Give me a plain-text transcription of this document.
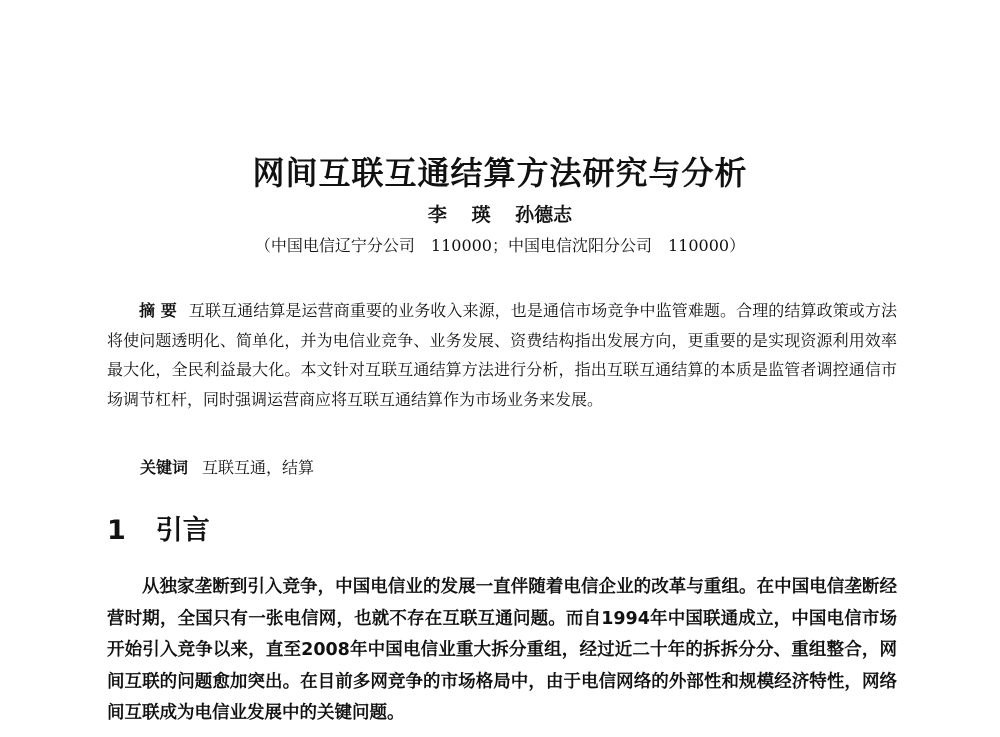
网间互联互通结算方法研究与分析
李 瑛 孙德志
（中国电信辽宁分公司　110000；中国电信沈阳分公司　110000）

摘 要 互联互通结算是运营商重要的业务收入来源，也是通信市场竞争中监管难题。合理的结算政策或方法将使问题透明化、简单化，并为电信业竞争、业务发展、资费结构指出发展方向，更重要的是实现资源利用效率最大化，全民利益最大化。本文针对互联互通结算方法进行分析，指出互联互通结算的本质是监管者调控通信市场调节杠杆，同时强调运营商应将互联互通结算作为市场业务来发展。

关键词 互联互通，结算
1 引言

从独家垄断到引入竞争，中国电信业的发展一直伴随着电信企业的改革与重组。在中国电信垄断经营时期，全国只有一张电信网，也就不存在互联互通问题。而自1994年中国联通成立，中国电信市场开始引入竞争以来，直至2008年中国电信业重大拆分重组，经过近二十年的拆拆分分、重组整合，网间互联的问题愈加突出。在目前多网竞争的市场格局中，由于电信网络的外部性和规模经济特性，网络间互联成为电信业发展中的关键问题。
